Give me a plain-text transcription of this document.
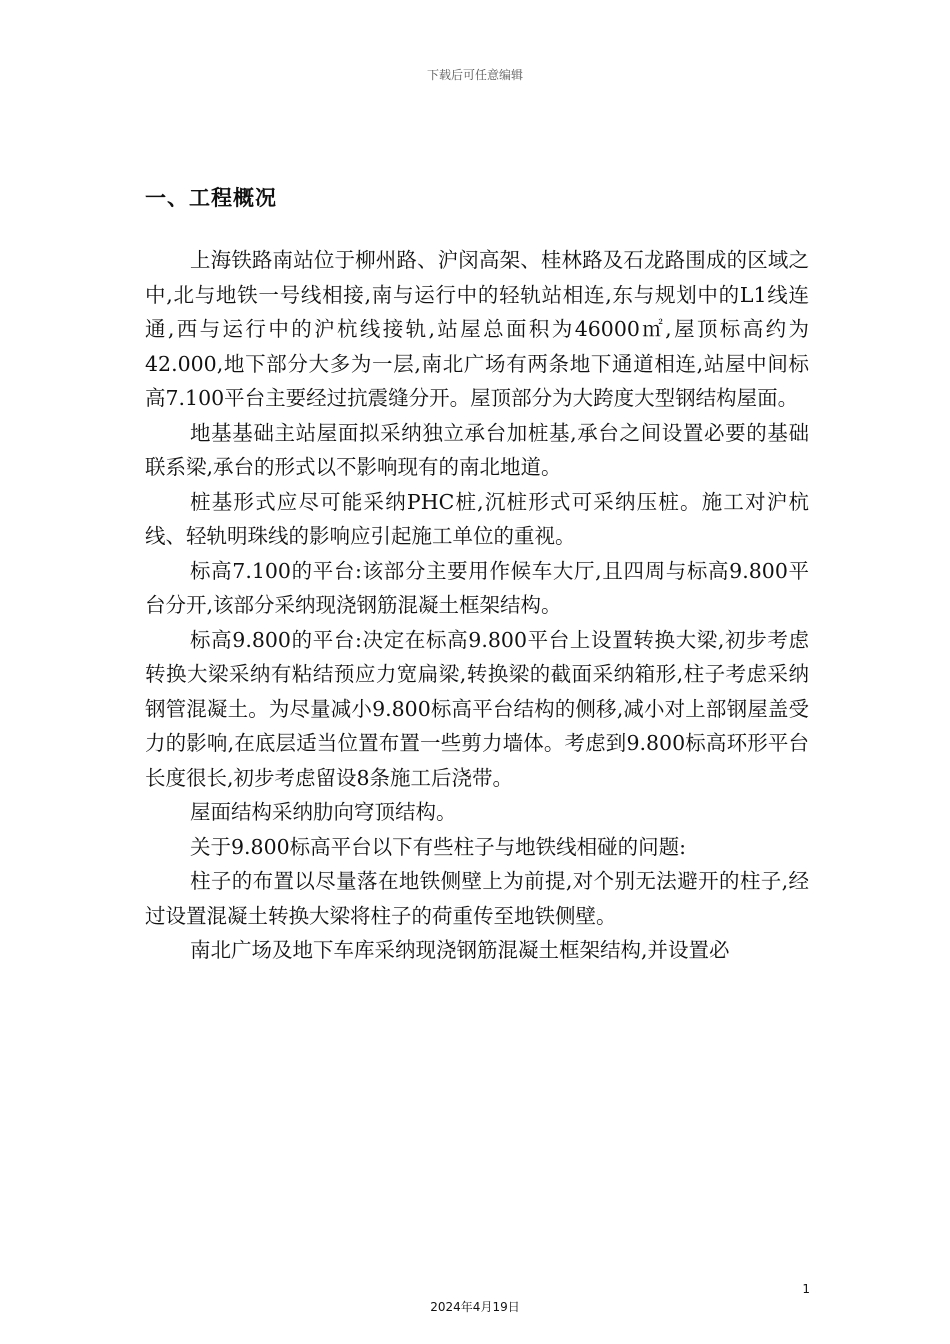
下载后可任意编辑
一、工程概况

上海铁路南站位于柳州路、沪闵高架、桂林路及石龙路围成的区域之中,北与地铁一号线相接,南与运行中的轻轨站相连,东与规划中的L1线连通,西与运行中的沪杭线接轨,站屋总面积为46000㎡,屋顶标高约为 42.000,地下部分大多为一层,南北广场有两条地下通道相连,站屋中间标高7.100平台主要经过抗震缝分开。屋顶部分为大跨度大型钢结构屋面。

地基基础主站屋面拟采纳独立承台加桩基,承台之间设置必要的基础联系梁,承台的形式以不影响现有的南北地道。

桩基形式应尽可能采纳PHC桩,沉桩形式可采纳压桩。施工对沪杭线、轻轨明珠线的影响应引起施工单位的重视。

标高7.100的平台:该部分主要用作候车大厅,且四周与标高9.800平台分开,该部分采纳现浇钢筋混凝土框架结构。

标高9.800的平台:决定在标高9.800平台上设置转换大梁,初步考虑转换大梁采纳有粘结预应力宽扁梁,转换梁的截面采纳箱形,柱子考虑采纳钢管混凝土。为尽量减小9.800标高平台结构的侧移,减小对上部钢屋盖受力的影响,在底层适当位置布置一些剪力墙体。考虑到9.800标高环形平台长度很长,初步考虑留设8条施工后浇带。

屋面结构采纳肋向穹顶结构。

关于9.800标高平台以下有些柱子与地铁线相碰的问题:

柱子的布置以尽量落在地铁侧壁上为前提,对个别无法避开的柱子,经过设置混凝土转换大梁将柱子的荷重传至地铁侧壁。

南北广场及地下车库采纳现浇钢筋混凝土框架结构,并设置必

1
2024年4月19日
